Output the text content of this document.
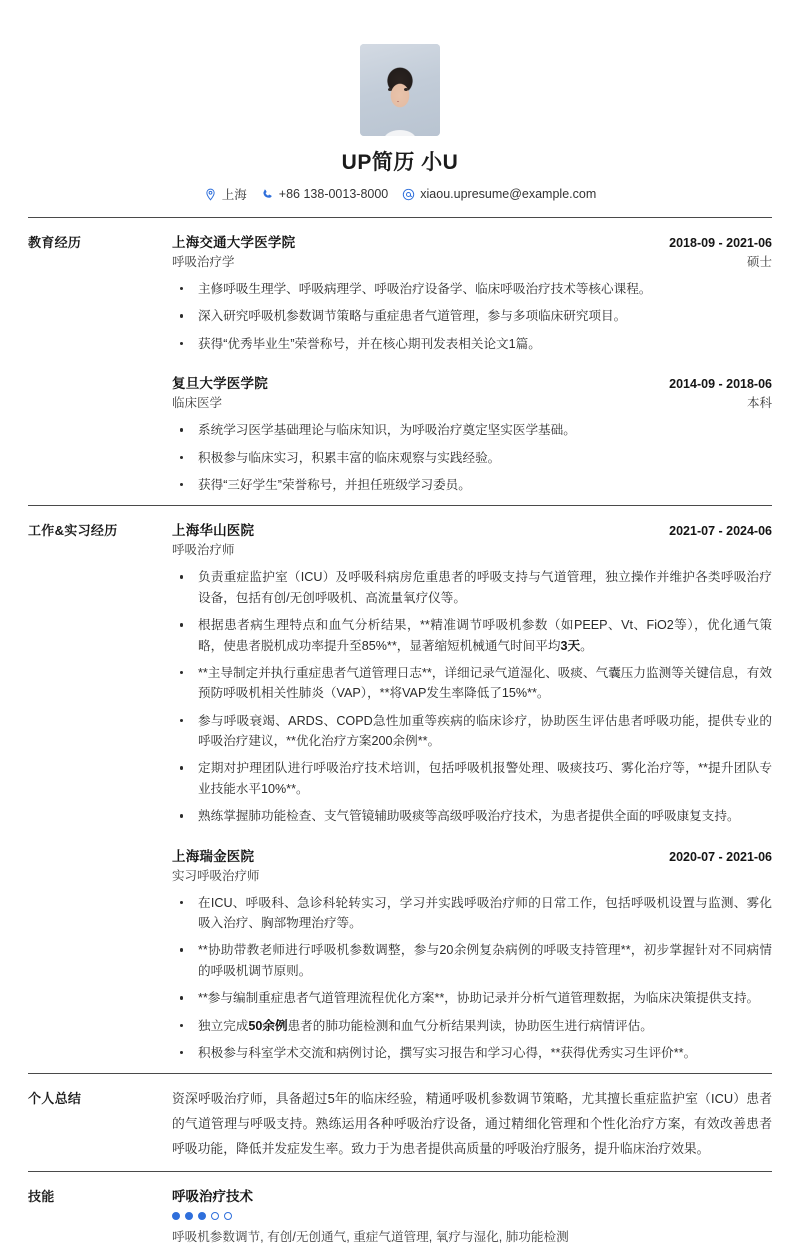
UP简历 小U
上海	+86 138-0013-8000	xiaou.upresume@example.com
教育经历	上海交通大学医学院	2018-09 - 2021-06
呼吸治疗学	硕士
主修呼吸生理学、呼吸病理学、呼吸治疗设备学、临床呼吸治疗技术等核心课程。
深入研究呼吸机参数调节策略与重症患者气道管理，参与多项临床研究项目。
获得“优秀毕业生”荣誉称号，并在核心期刊发表相关论文1篇。
复旦大学医学院	2014-09 - 2018-06
临床医学	本科
系统学习医学基础理论与临床知识，为呼吸治疗奠定坚实医学基础。
积极参与临床实习，积累丰富的临床观察与实践经验。
获得“三好学生”荣誉称号，并担任班级学习委员。
工作&实习经历	上海华山医院	2021-07 - 2024-06
呼吸治疗师
负责重症监护室（ICU）及呼吸科病房危重患者的呼吸支持与气道管理，独立操作并维护各类呼吸治疗设备，包括有创/无创呼吸机、高流量氧疗仪等。
根据患者病生理特点和血气分析结果，**精准调节呼吸机参数（如PEEP、Vt、FiO2等），优化通气策略，使患者脱机成功率提升至85%**，显著缩短机械通气时间平均3天。
**主导制定并执行重症患者气道管理日志**，详细记录气道湿化、吸痰、气囊压力监测等关键信息，有效预防呼吸机相关性肺炎（VAP），**将VAP发生率降低了15%**。
参与呼吸衰竭、ARDS、COPD急性加重等疾病的临床诊疗，协助医生评估患者呼吸功能，提供专业的呼吸治疗建议，**优化治疗方案200余例**。
定期对护理团队进行呼吸治疗技术培训，包括呼吸机报警处理、吸痰技巧、雾化治疗等，**提升团队专业技能水平10%**。
熟练掌握肺功能检查、支气管镜辅助吸痰等高级呼吸治疗技术，为患者提供全面的呼吸康复支持。
上海瑞金医院	2020-07 - 2021-06
实习呼吸治疗师
在ICU、呼吸科、急诊科轮转实习，学习并实践呼吸治疗师的日常工作，包括呼吸机设置与监测、雾化吸入治疗、胸部物理治疗等。
**协助带教老师进行呼吸机参数调整，参与20余例复杂病例的呼吸支持管理**，初步掌握针对不同病情的呼吸机调节原则。
**参与编制重症患者气道管理流程优化方案**，协助记录并分析气道管理数据，为临床决策提供支持。
独立完成50余例患者的肺功能检测和血气分析结果判读，协助医生进行病情评估。
积极参与科室学术交流和病例讨论，撰写实习报告和学习心得，**获得优秀实习生评价**。
个人总结	资深呼吸治疗师，具备超过5年的临床经验，精通呼吸机参数调节策略，尤其擅长重症监护室（ICU）患者的气道管理与呼吸支持。熟练运用各种呼吸治疗设备，通过精细化管理和个性化治疗方案，有效改善患者呼吸功能，降低并发症发生率。致力于为患者提供高质量的呼吸治疗服务，提升临床治疗效果。
技能	呼吸治疗技术
呼吸机参数调节, 有创/无创通气, 重症气道管理, 氧疗与湿化, 肺功能检测
